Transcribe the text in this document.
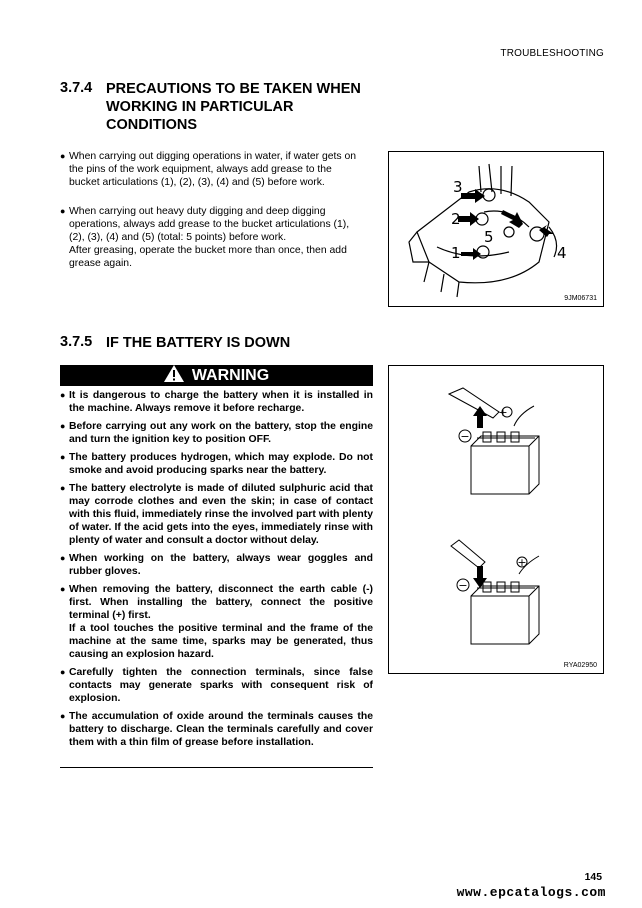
TROUBLESHOOTING
3.7.4 PRECAUTIONS TO BE TAKEN WHEN
WORKING IN PARTICULAR
CONDITIONS
● When carrying out digging operations in water, if water gets on
the pins of the work equipment, always add grease to the
bucket articulations (1), (2), (3), (4) and (5) before work.
● When carrying out heavy duty digging and deep digging
operations, always add grease to the bucket articulations (1),
(2), (3), (4) and (5) (total: 5 points) before work.
After greasing, operate the bucket more than once, then add
grease again.
3
2
1
5
4
9JM06731
3.7.5 IF THE BATTERY IS DOWN
WARNING
● It is dangerous to charge the battery when it is installed in the machine. Always remove it before recharge.
● Before carrying out any work on the battery, stop the engine and turn the ignition key to position OFF.
● The battery produces hydrogen, which may explode. Do not smoke and avoid producing sparks near the battery.
● The battery electrolyte is made of diluted sulphuric acid that may corrode clothes and even the skin; in case of contact with this fluid, immediately rinse the involved part with plenty of water. If the acid gets into the eyes, immediately rinse with plenty of water and consult a doctor without delay.
● When working on the battery, always wear goggles and rubber gloves.
● When removing the battery, disconnect the earth cable (-) first. When installing the battery, connect the positive terminal (+) first.
If a tool touches the positive terminal and the frame of the machine at the same time, sparks may be generated, thus causing an explosion hazard.
● Carefully tighten the connection terminals, since false contacts may generate sparks with consequent risk of explosion.
● The accumulation of oxide around the terminals causes the battery to discharge. Clean the terminals carefully and cover them with a thin film of grease before installation.
+
−
+
−
RYA02950
145
www.epcatalogs.com
